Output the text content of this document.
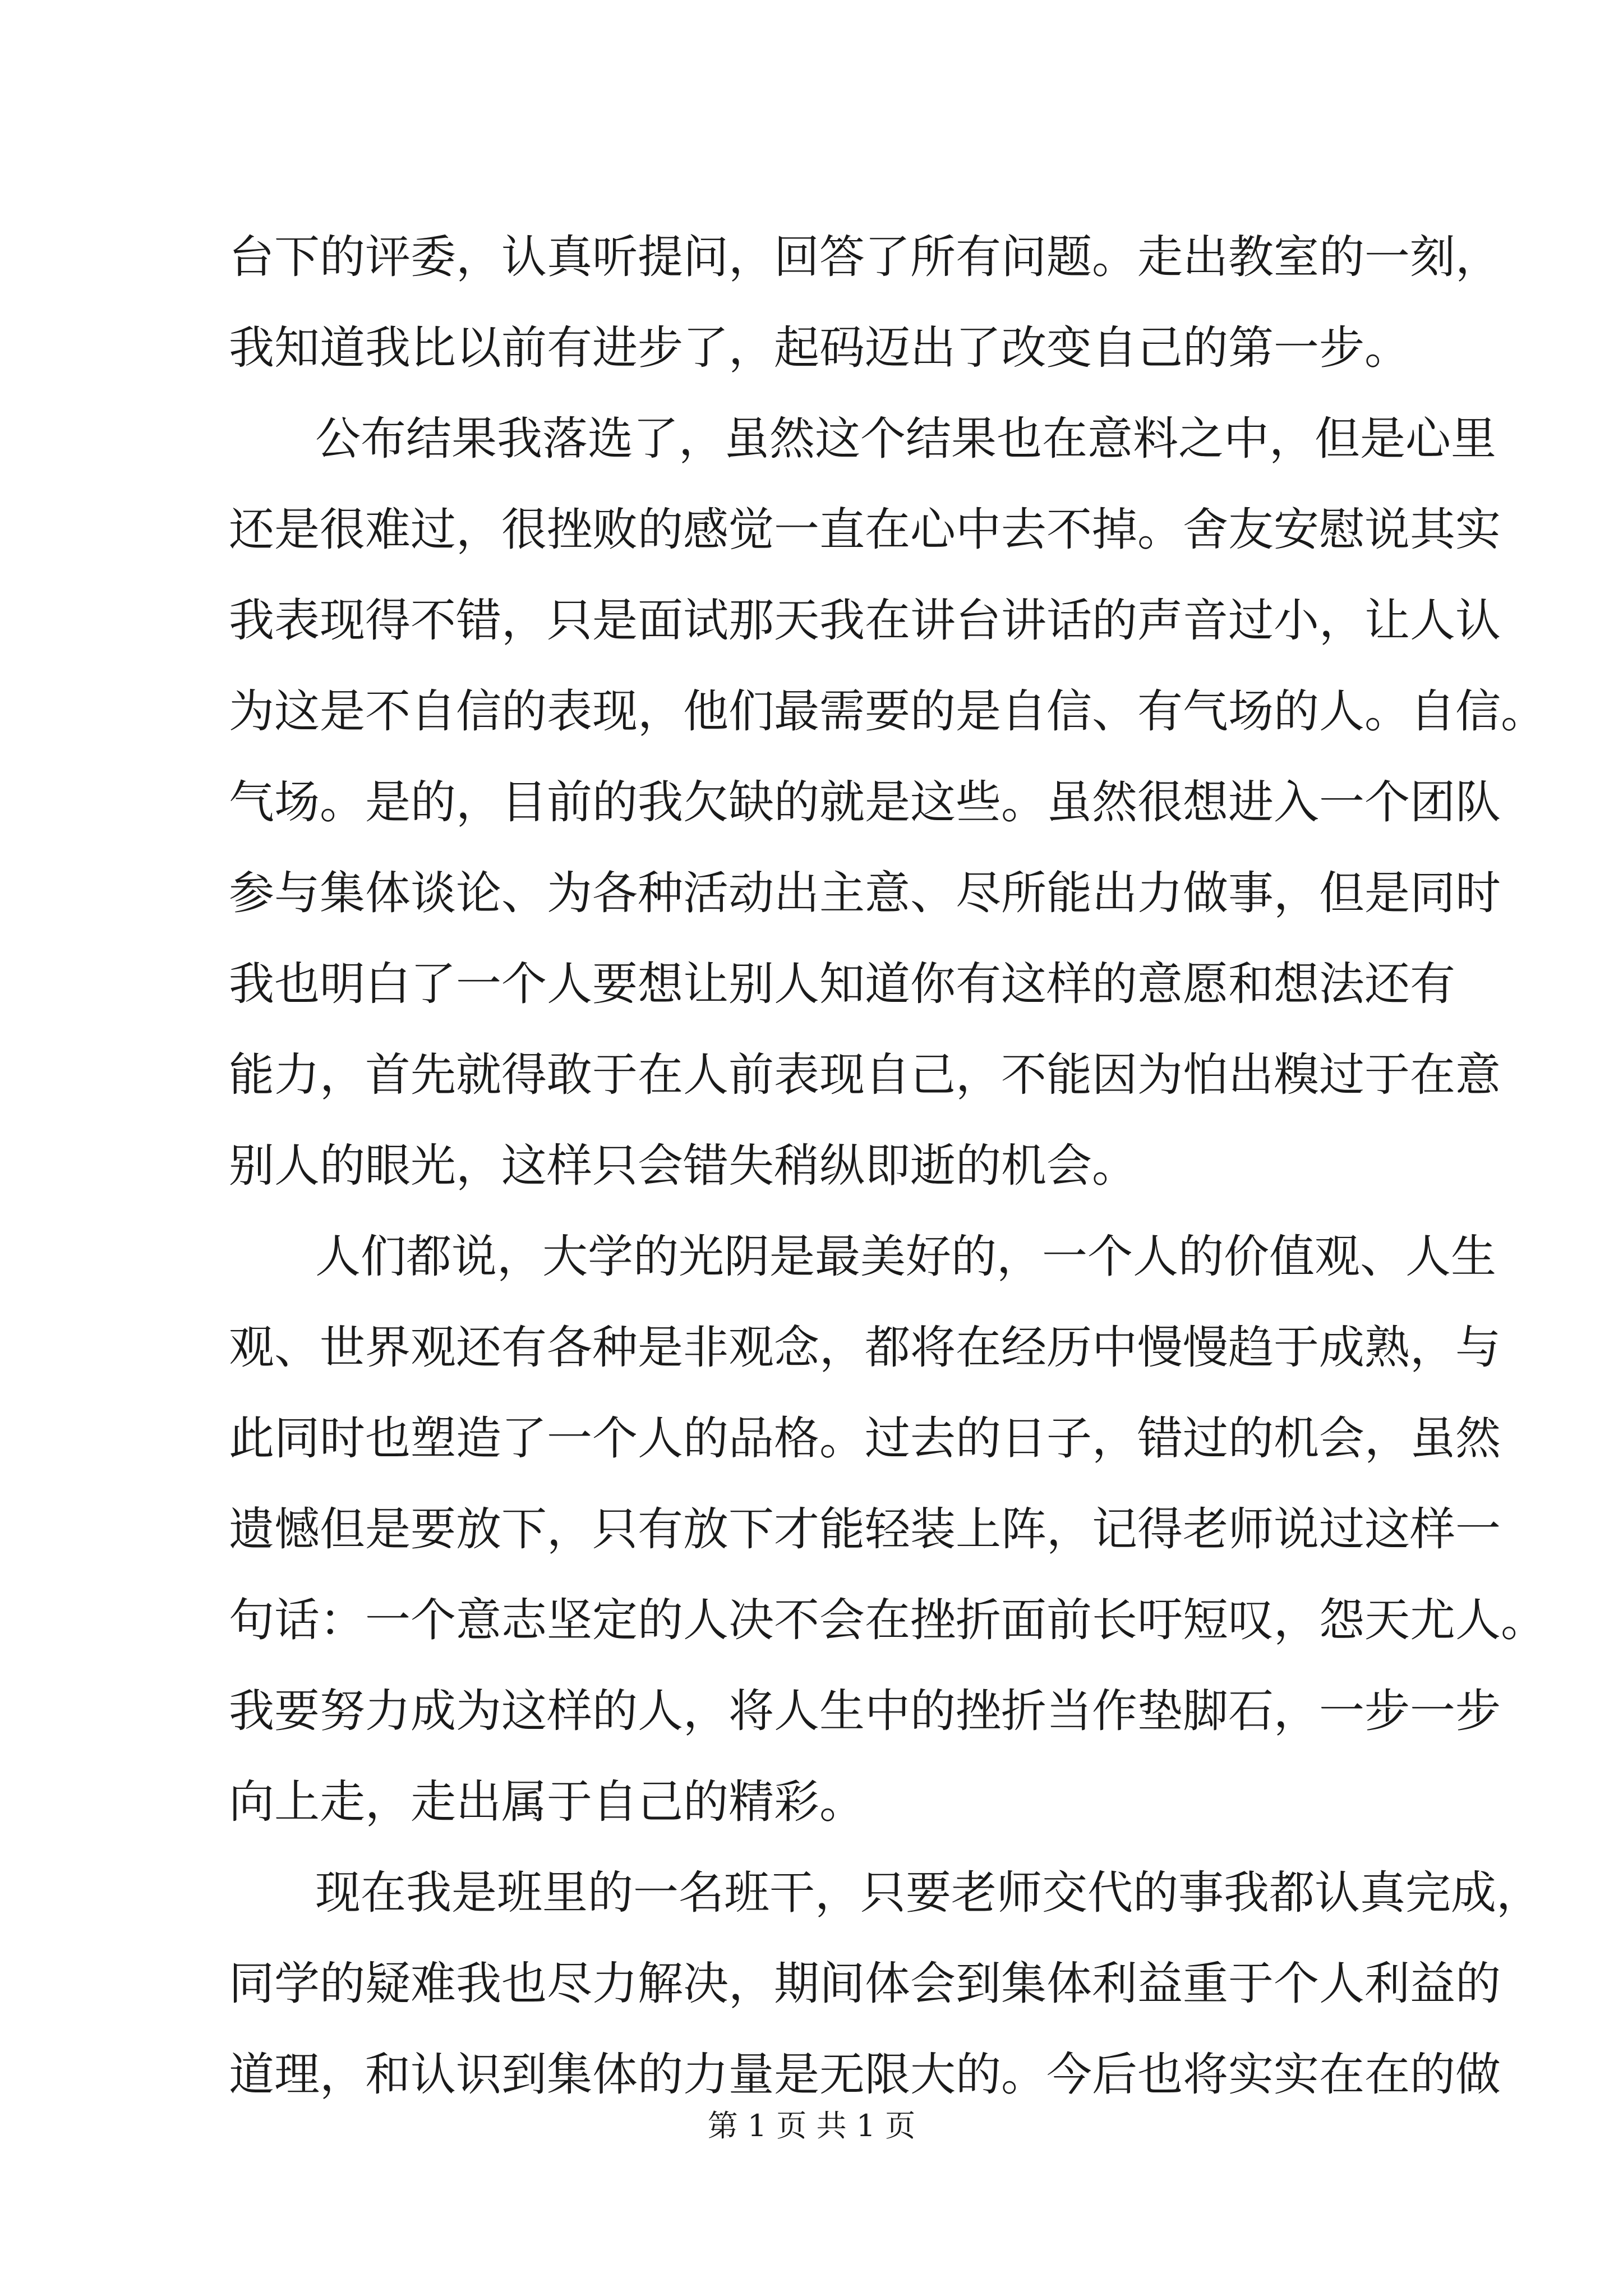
台下的评委，认真听提问，回答了所有问题。走出教室的一刻，
我知道我比以前有进步了，起码迈出了改变自己的第一步。
公布结果我落选了，虽然这个结果也在意料之中，但是心里
还是很难过，很挫败的感觉一直在心中去不掉。舍友安慰说其实
我表现得不错，只是面试那天我在讲台讲话的声音过小，让人认
为这是不自信的表现，他们最需要的是自信、有气场的人。自信。
气场。是的，目前的我欠缺的就是这些。虽然很想进入一个团队
参与集体谈论、为各种活动出主意、尽所能出力做事，但是同时
我也明白了一个人要想让别人知道你有这样的意愿和想法还有
能力，首先就得敢于在人前表现自己，不能因为怕出糗过于在意
别人的眼光，这样只会错失稍纵即逝的机会。
人们都说，大学的光阴是最美好的，一个人的价值观、人生
观、世界观还有各种是非观念，都将在经历中慢慢趋于成熟，与
此同时也塑造了一个人的品格。过去的日子，错过的机会，虽然
遗憾但是要放下，只有放下才能轻装上阵，记得老师说过这样一
句话：一个意志坚定的人决不会在挫折面前长吁短叹，怨天尤人。
我要努力成为这样的人，将人生中的挫折当作垫脚石，一步一步
向上走，走出属于自己的精彩。
现在我是班里的一名班干，只要老师交代的事我都认真完成，
同学的疑难我也尽力解决，期间体会到集体利益重于个人利益的
道理，和认识到集体的力量是无限大的。今后也将实实在在的做
第 1 页 共 1 页
